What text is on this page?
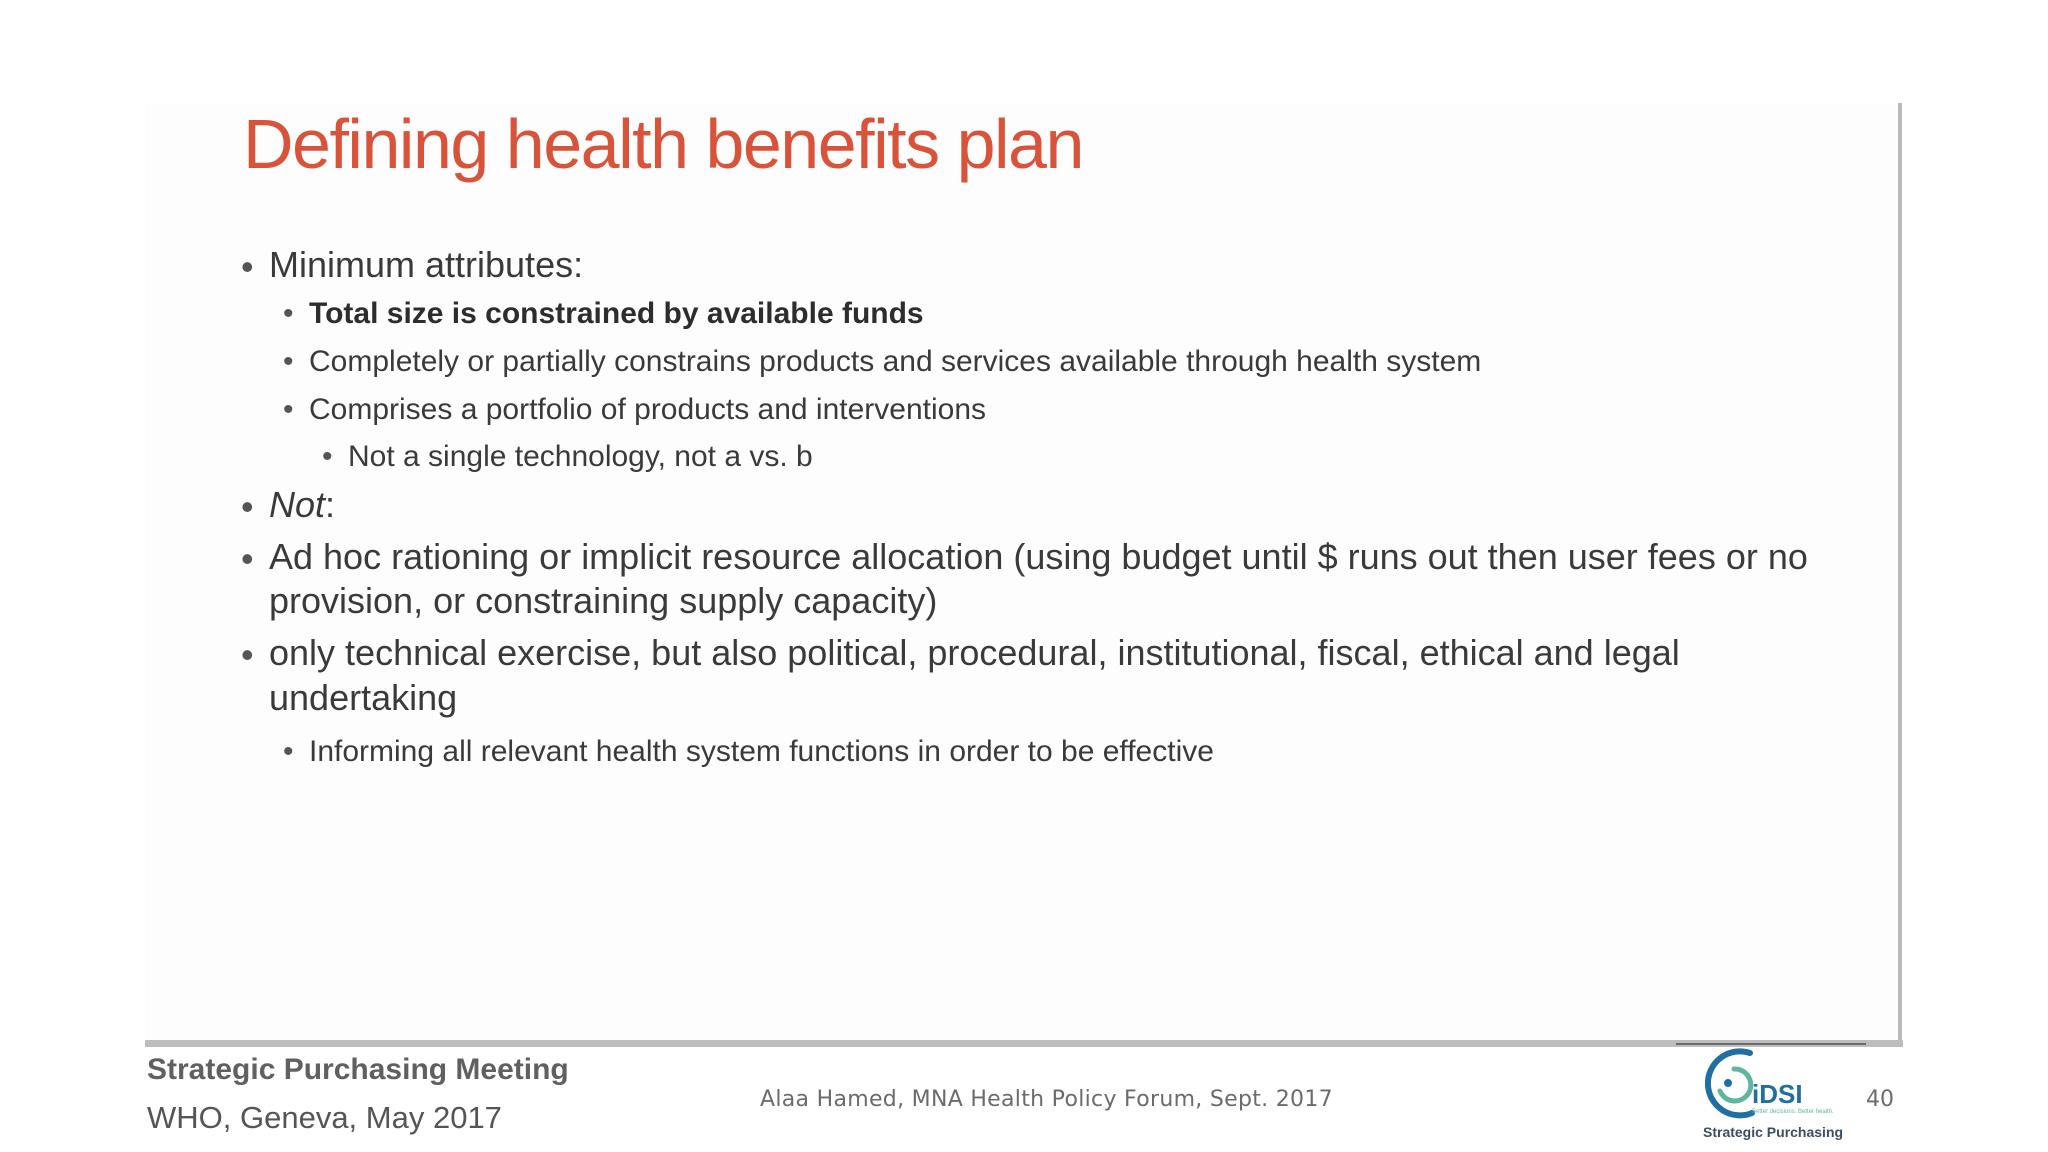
Defining health benefits plan
• Minimum attributes:
• Total size is constrained by available funds
• Completely or partially constrains products and services available through health system
• Comprises a portfolio of products and interventions
• Not a single technology, not a vs. b
• Not:
• Ad hoc rationing or implicit resource allocation (using budget until $ runs out then user fees or no
provision, or constraining supply capacity)
• only technical exercise, but also political, procedural, institutional, fiscal, ethical and legal
undertaking
• Informing all relevant health system functions in order to be effective
Strategic Purchasing Meeting
WHO, Geneva, May 2017
Alaa Hamed, MNA Health Policy Forum, Sept. 2017	40
iDSI
Better decisions. Better health.
Strategic Purchasing
